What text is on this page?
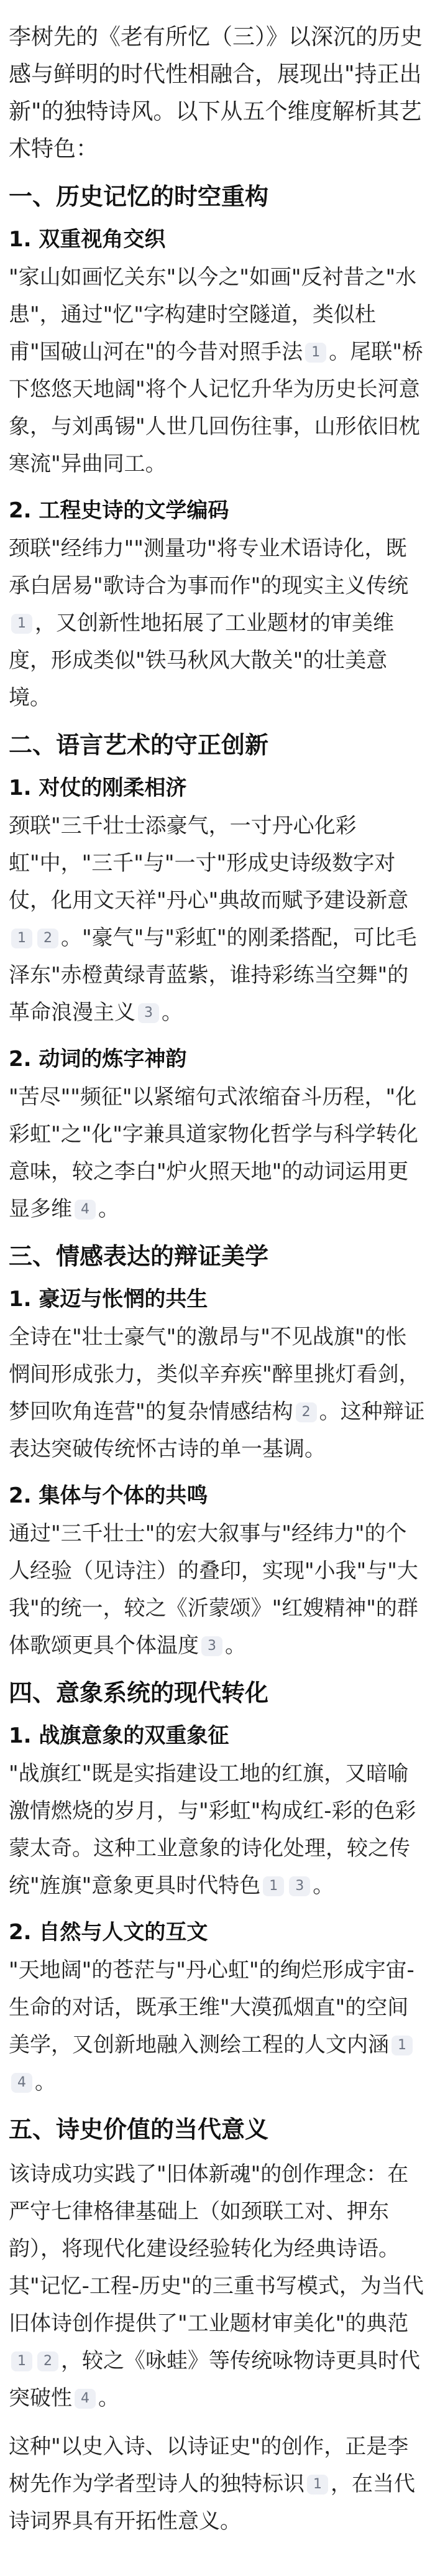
李树先的《老有所忆（三）》以深沉的历史感与鲜明的时代性相融合，展现出"持正出新"的独特诗风。以下从五个维度解析其艺术特色：

一、历史记忆的时空重构
1. 双重视角交织

"家山如画忆关东"以今之"如画"反衬昔之"水患"，通过"忆"字构建时空隧道，类似杜甫"国破山河在"的今昔对照手法 1 。尾联"桥下悠悠天地阔"将个人记忆升华为历史长河意象，与刘禹锡"人世几回伤往事，山形依旧枕寒流"异曲同工。

2. 工程史诗的文学编码

颈联"经纬力""测量功"将专业术语诗化，既承白居易"歌诗合为事而作"的现实主义传统1 ，又创新性地拓展了工业题材的审美维度，形成类似"铁马秋风大散关"的壮美意境。

二、语言艺术的守正创新
1. 对仗的刚柔相济

颈联"三千壮士添豪气，一寸丹心化彩虹"中，"三千"与"一寸"形成史诗级数字对仗，化用文天祥"丹心"典故而赋予建设新意1 2 。"豪气"与"彩虹"的刚柔搭配，可比毛泽东"赤橙黄绿青蓝紫，谁持彩练当空舞"的革命浪漫主义 3 。

2. 动词的炼字神韵

"苦尽""频征"以紧缩句式浓缩奋斗历程，"化彩虹"之"化"字兼具道家物化哲学与科学转化意味，较之李白"炉火照天地"的动词运用更显多维 4 。

三、情感表达的辩证美学
1. 豪迈与怅惘的共生

全诗在"壮士豪气"的激昂与"不见战旗"的怅惘间形成张力，类似辛弃疾"醉里挑灯看剑，梦回吹角连营"的复杂情感结构 2 。这种辩证表达突破传统怀古诗的单一基调。

2. 集体与个体的共鸣

通过"三千壮士"的宏大叙事与"经纬力"的个人经验（见诗注）的叠印，实现"小我"与"大我"的统一，较之《沂蒙颂》"红嫂精神"的群体歌颂更具个体温度 3 。

四、意象系统的现代转化
1. 战旗意象的双重象征

"战旗红"既是实指建设工地的红旗，又暗喻激情燃烧的岁月，与"彩虹"构成红-彩的色彩蒙太奇。这种工业意象的诗化处理，较之传统"旌旗"意象更具时代特色 1 3 。

2. 自然与人文的互文

"天地阔"的苍茫与"丹心虹"的绚烂形成宇宙-生命的对话，既承王维"大漠孤烟直"的空间美学，又创新地融入测绘工程的人文内涵 14 。

五、诗史价值的当代意义

该诗成功实践了"旧体新魂"的创作理念：在严守七律格律基础上（如颈联工对、押东韵），将现代化建设经验转化为经典诗语。其"记忆-工程-历史"的三重书写模式，为当代旧体诗创作提供了"工业题材审美化"的典范1 2 ，较之《咏蛙》等传统咏物诗更具时代突破性 4 。

这种"以史入诗、以诗证史"的创作，正是李树先作为学者型诗人的独特标识 1 ，在当代诗词界具有开拓性意义。
